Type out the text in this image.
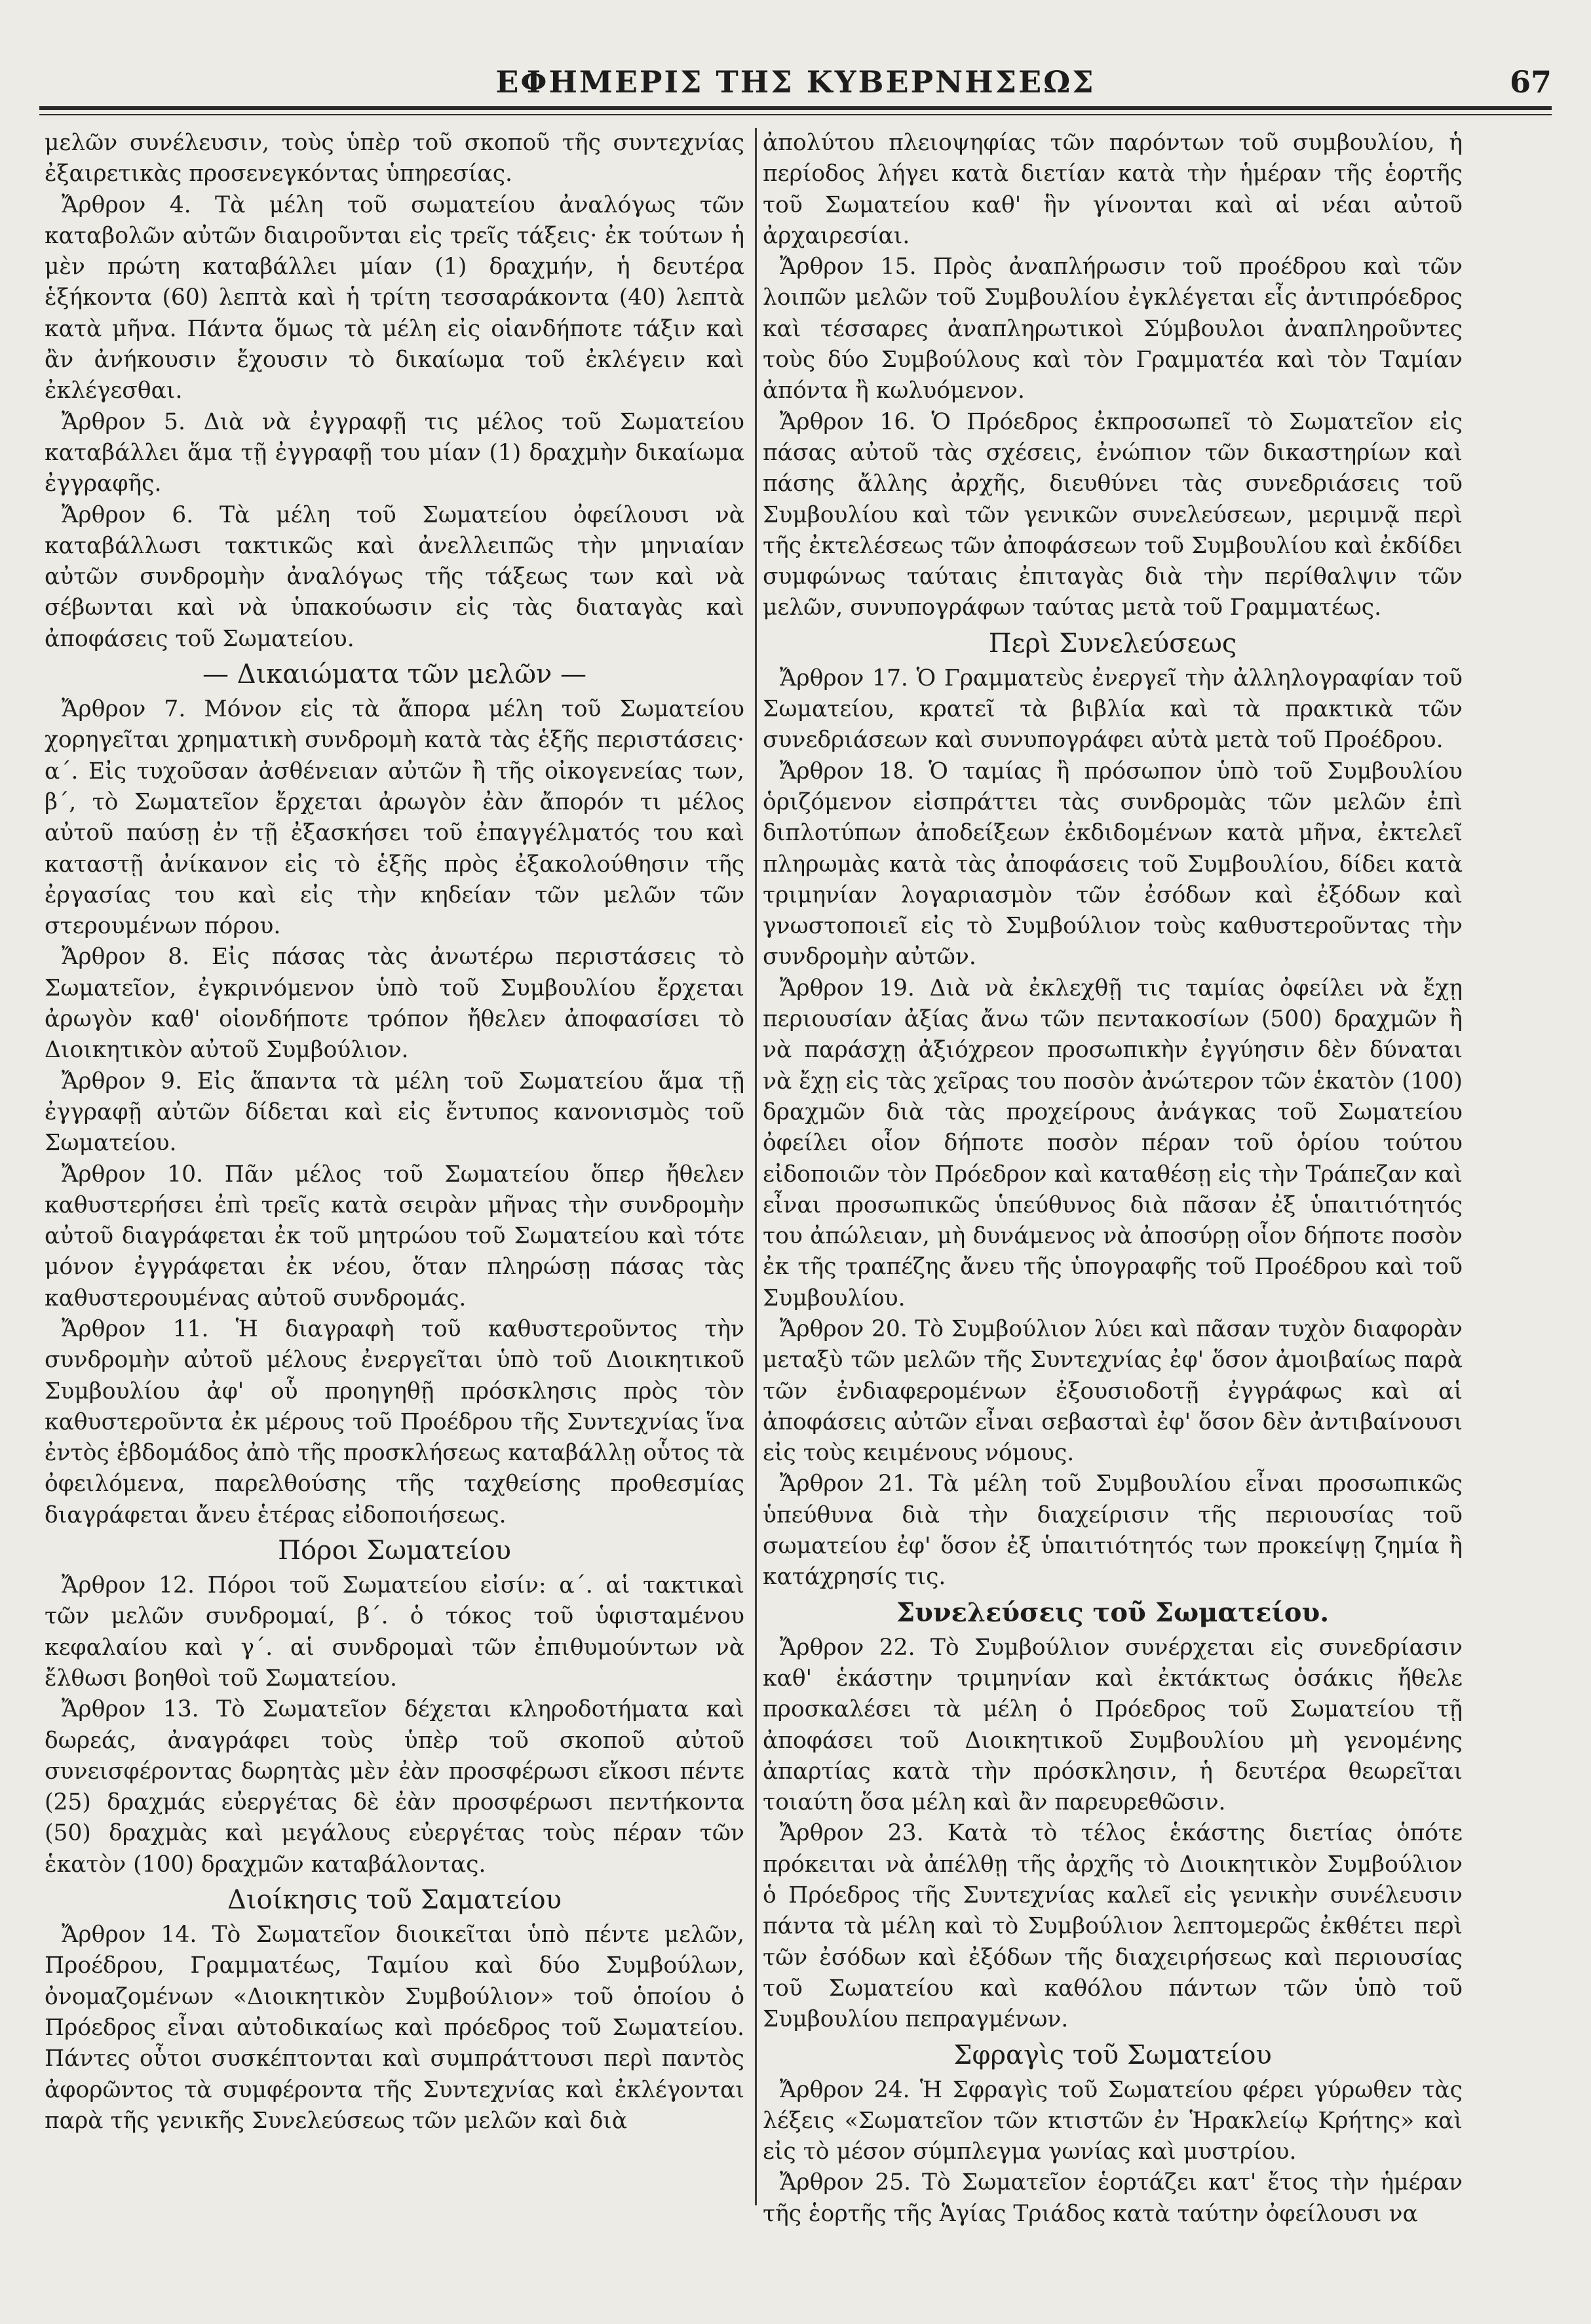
ΕΦΗΜΕΡΙΣ ΤΗΣ ΚΥΒΕΡΝΗΣΕΩΣ	67

μελῶν συνέλευσιν, τοὺς ὑπὲρ τοῦ σκοποῦ τῆς συντεχνίας ἐξαιρετικὰς προσενεγκόντας ὑπηρεσίας.

Ἄρθρον 4. Τὰ μέλη τοῦ σωματείου ἀναλόγως τῶν καταβολῶν αὐτῶν διαιροῦνται εἰς τρεῖς τάξεις· ἐκ τούτων ἡ μὲν πρώτη καταβάλλει μίαν (1) δραχμήν, ἡ δευτέρα ἑξήκοντα (60) λεπτὰ καὶ ἡ τρίτη τεσσαράκοντα (40) λεπτὰ κατὰ μῆνα. Πάντα ὅμως τὰ μέλη εἰς οἱανδήποτε τάξιν καὶ ἂν ἀνήκουσιν ἔχουσιν τὸ δικαίωμα τοῦ ἐκλέγειν καὶ ἐκλέγεσθαι.

Ἄρθρον 5. Διὰ νὰ ἐγγραφῇ τις μέλος τοῦ Σωματείου καταβάλλει ἅμα τῇ ἐγγραφῇ του μίαν (1) δραχμὴν δικαίωμα ἐγγραφῆς.

Ἄρθρον 6. Τὰ μέλη τοῦ Σωματείου ὀφείλουσι νὰ καταβάλλωσι τακτικῶς καὶ ἀνελλειπῶς τὴν μηνιαίαν αὐτῶν συνδρομὴν ἀναλόγως τῆς τάξεως των καὶ νὰ σέβωνται καὶ νὰ ὑπακούωσιν εἰς τὰς διαταγὰς καὶ ἀποφάσεις τοῦ Σωματείου.

— Δικαιώματα τῶν μελῶν —

Ἄρθρον 7. Μόνον εἰς τὰ ἄπορα μέλη τοῦ Σωματείου χορηγεῖται χρηματικὴ συνδρομὴ κατὰ τὰς ἑξῆς περιστάσεις· α΄. Εἰς τυχοῦσαν ἀσθένειαν αὐτῶν ἢ τῆς οἰκογενείας των, β΄, τὸ Σωματεῖον ἔρχεται ἀρωγὸν ἐὰν ἄπορόν τι μέλος αὐτοῦ παύσῃ ἐν τῇ ἐξασκήσει τοῦ ἐπαγγέλματός του καὶ καταστῇ ἀνίκανον εἰς τὸ ἑξῆς πρὸς ἐξακολούθησιν τῆς ἐργασίας του καὶ εἰς τὴν κηδείαν τῶν μελῶν τῶν στερουμένων πόρου.

Ἄρθρον 8. Εἰς πάσας τὰς ἀνωτέρω περιστάσεις τὸ Σωματεῖον, ἐγκρινόμενον ὑπὸ τοῦ Συμβουλίου ἔρχεται ἀρωγὸν καθ' οἱονδήποτε τρόπον ἤθελεν ἀποφασίσει τὸ Διοικητικὸν αὐτοῦ Συμβούλιον.

Ἄρθρον 9. Εἰς ἅπαντα τὰ μέλη τοῦ Σωματείου ἅμα τῇ ἐγγραφῇ αὐτῶν δίδεται καὶ εἰς ἔντυπος κανονισμὸς τοῦ Σωματείου.

Ἄρθρον 10. Πᾶν μέλος τοῦ Σωματείου ὅπερ ἤθελεν καθυστερήσει ἐπὶ τρεῖς κατὰ σειρὰν μῆνας τὴν συνδρομὴν αὐτοῦ διαγράφεται ἐκ τοῦ μητρώου τοῦ Σωματείου καὶ τότε μόνον ἐγγράφεται ἐκ νέου, ὅταν πληρώσῃ πάσας τὰς καθυστερουμένας αὐτοῦ συνδρομάς.

Ἄρθρον 11. Ἡ διαγραφὴ τοῦ καθυστεροῦντος τὴν συνδρομὴν αὐτοῦ μέλους ἐνεργεῖται ὑπὸ τοῦ Διοικητικοῦ Συμβουλίου ἀφ' οὗ προηγηθῇ πρόσκλησις πρὸς τὸν καθυστεροῦντα ἐκ μέρους τοῦ Προέδρου τῆς Συντεχνίας ἵνα ἐντὸς ἑβδομάδος ἀπὸ τῆς προσκλήσεως καταβάλλῃ οὗτος τὰ ὀφειλόμενα, παρελθούσης τῆς ταχθείσης προθεσμίας διαγράφεται ἄνευ ἑτέρας εἰδοποιήσεως.

Πόροι Σωματείου

Ἄρθρον 12. Πόροι τοῦ Σωματείου εἰσίν: α΄. αἱ τακτικαὶ τῶν μελῶν συνδρομαί, β΄. ὁ τόκος τοῦ ὑφισταμένου κεφαλαίου καὶ γ΄. αἱ συνδρομαὶ τῶν ἐπιθυμούντων νὰ ἔλθωσι βοηθοὶ τοῦ Σωματείου.

Ἄρθρον 13. Τὸ Σωματεῖον δέχεται κληροδοτήματα καὶ δωρεάς, ἀναγράφει τοὺς ὑπὲρ τοῦ σκοποῦ αὐτοῦ συνεισφέροντας δωρητὰς μὲν ἐὰν προσφέρωσι εἴκοσι πέντε (25) δραχμάς εὐεργέτας δὲ ἐὰν προσφέρωσι πεντήκοντα (50) δραχμὰς καὶ μεγάλους εὐεργέτας τοὺς πέραν τῶν ἑκατὸν (100) δραχμῶν καταβάλοντας.

Διοίκησις τοῦ Σαματείου

Ἄρθρον 14. Τὸ Σωματεῖον διοικεῖται ὑπὸ πέντε μελῶν, Προέδρου, Γραμματέως, Ταμίου καὶ δύο Συμβούλων, ὀνομαζομένων «Διοικητικὸν Συμβούλιον» τοῦ ὁποίου ὁ Πρόεδρος εἶναι αὐτοδικαίως καὶ πρόεδρος τοῦ Σωματείου. Πάντες οὗτοι συσκέπτονται καὶ συμπράττουσι περὶ παντὸς ἀφορῶντος τὰ συμφέροντα τῆς Συντεχνίας καὶ ἐκλέγονται παρὰ τῆς γενικῆς Συνελεύσεως τῶν μελῶν καὶ διὰ

ἀπολύτου πλειοψηφίας τῶν παρόντων τοῦ συμβουλίου, ἡ περίοδος λήγει κατὰ διετίαν κατὰ τὴν ἡμέραν τῆς ἑορτῆς τοῦ Σωματείου καθ' ἣν γίνονται καὶ αἱ νέαι αὐτοῦ ἀρχαιρεσίαι.

Ἄρθρον 15. Πρὸς ἀναπλήρωσιν τοῦ προέδρου καὶ τῶν λοιπῶν μελῶν τοῦ Συμβουλίου ἐγκλέγεται εἷς ἀντιπρόεδρος καὶ τέσσαρες ἀναπληρωτικοὶ Σύμβουλοι ἀναπληροῦντες τοὺς δύο Συμβούλους καὶ τὸν Γραμματέα καὶ τὸν Ταμίαν ἀπόντα ἢ κωλυόμενον.

Ἄρθρον 16. Ὁ Πρόεδρος ἐκπροσωπεῖ τὸ Σωματεῖον εἰς πάσας αὐτοῦ τὰς σχέσεις, ἐνώπιον τῶν δικαστηρίων καὶ πάσης ἄλλης ἀρχῆς, διευθύνει τὰς συνεδριάσεις τοῦ Συμβουλίου καὶ τῶν γενικῶν συνελεύσεων, μεριμνᾷ περὶ τῆς ἐκτελέσεως τῶν ἀποφάσεων τοῦ Συμβουλίου καὶ ἐκδίδει συμφώνως ταύταις ἐπιταγὰς διὰ τὴν περίθαλψιν τῶν μελῶν, συνυπογράφων ταύτας μετὰ τοῦ Γραμματέως.

Περὶ Συνελεύσεως

Ἄρθρον 17. Ὁ Γραμματεὺς ἐνεργεῖ τὴν ἀλληλογραφίαν τοῦ Σωματείου, κρατεῖ τὰ βιβλία καὶ τὰ πρακτικὰ τῶν συνεδριάσεων καὶ συνυπογράφει αὐτὰ μετὰ τοῦ Προέδρου.

Ἄρθρον 18. Ὁ ταμίας ἢ πρόσωπον ὑπὸ τοῦ Συμβουλίου ὁριζόμενον εἰσπράττει τὰς συνδρομὰς τῶν μελῶν ἐπὶ διπλοτύπων ἀποδείξεων ἐκδιδομένων κατὰ μῆνα, ἐκτελεῖ πληρωμὰς κατὰ τὰς ἀποφάσεις τοῦ Συμβουλίου, δίδει κατὰ τριμηνίαν λογαριασμὸν τῶν ἐσόδων καὶ ἐξόδων καὶ γνωστοποιεῖ εἰς τὸ Συμβούλιον τοὺς καθυστεροῦντας τὴν συνδρομὴν αὐτῶν.

Ἄρθρον 19. Διὰ νὰ ἐκλεχθῇ τις ταμίας ὀφείλει νὰ ἔχῃ περιουσίαν ἀξίας ἄνω τῶν πεντακοσίων (500) δραχμῶν ἢ νὰ παράσχῃ ἀξιόχρεον προσωπικὴν ἐγγύησιν δὲν δύναται νὰ ἔχῃ εἰς τὰς χεῖρας του ποσὸν ἀνώτερον τῶν ἑκατὸν (100) δραχμῶν διὰ τὰς προχείρους ἀνάγκας τοῦ Σωματείου ὀφείλει οἷον δήποτε ποσὸν πέραν τοῦ ὁρίου τούτου εἰδοποιῶν τὸν Πρόεδρον καὶ καταθέσῃ εἰς τὴν Τράπεζαν καὶ εἶναι προσωπικῶς ὑπεύθυνος διὰ πᾶσαν ἐξ ὑπαιτιότητός του ἀπώλειαν, μὴ δυνάμενος νὰ ἀποσύρῃ οἷον δήποτε ποσὸν ἐκ τῆς τραπέζης ἄνευ τῆς ὑπογραφῆς τοῦ Προέδρου καὶ τοῦ Συμβουλίου.

Ἄρθρον 20. Τὸ Συμβούλιον λύει καὶ πᾶσαν τυχὸν διαφορὰν μεταξὺ τῶν μελῶν τῆς Συντεχνίας ἐφ' ὅσον ἀμοιβαίως παρὰ τῶν ἐνδιαφερομένων ἐξουσιοδοτῇ ἐγγράφως καὶ αἱ ἀποφάσεις αὐτῶν εἶναι σεβασταὶ ἐφ' ὅσον δὲν ἀντιβαίνουσι εἰς τοὺς κειμένους νόμους.

Ἄρθρον 21. Τὰ μέλη τοῦ Συμβουλίου εἶναι προσωπικῶς ὑπεύθυνα διὰ τὴν διαχείρισιν τῆς περιουσίας τοῦ σωματείου ἐφ' ὅσον ἐξ ὑπαιτιότητός των προκείψῃ ζημία ἢ κατάχρησίς τις.

Συνελεύσεις τοῦ Σωματείου.

Ἄρθρον 22. Τὸ Συμβούλιον συνέρχεται εἰς συνεδρίασιν καθ' ἑκάστην τριμηνίαν καὶ ἐκτάκτως ὁσάκις ἤθελε προσκαλέσει τὰ μέλη ὁ Πρόεδρος τοῦ Σωματείου τῇ ἀποφάσει τοῦ Διοικητικοῦ Συμβουλίου μὴ γενομένης ἀπαρτίας κατὰ τὴν πρόσκλησιν, ἡ δευτέρα θεωρεῖται τοιαύτη ὅσα μέλη καὶ ἂν παρευρεθῶσιν.

Ἄρθρον 23. Κατὰ τὸ τέλος ἑκάστης διετίας ὁπότε πρόκειται νὰ ἀπέλθῃ τῆς ἀρχῆς τὸ Διοικητικὸν Συμβούλιον ὁ Πρόεδρος τῆς Συντεχνίας καλεῖ εἰς γενικὴν συνέλευσιν πάντα τὰ μέλη καὶ τὸ Συμβούλιον λεπτομερῶς ἐκθέτει περὶ τῶν ἐσόδων καὶ ἐξόδων τῆς διαχειρήσεως καὶ περιουσίας τοῦ Σωματείου καὶ καθόλου πάντων τῶν ὑπὸ τοῦ Συμβουλίου πεπραγμένων.

Σφραγὶς τοῦ Σωματείου

Ἄρθρον 24. Ἡ Σφραγὶς τοῦ Σωματείου φέρει γύρωθεν τὰς λέξεις «Σωματεῖον τῶν κτιστῶν ἐν Ἡρακλείῳ Κρήτης» καὶ εἰς τὸ μέσον σύμπλεγμα γωνίας καὶ μυστρίου.

Ἄρθρον 25. Τὸ Σωματεῖον ἑορτάζει κατ' ἔτος τὴν ἡμέραν τῆς ἑορτῆς τῆς Ἁγίας Τριάδος κατὰ ταύτην ὀφείλουσι να
